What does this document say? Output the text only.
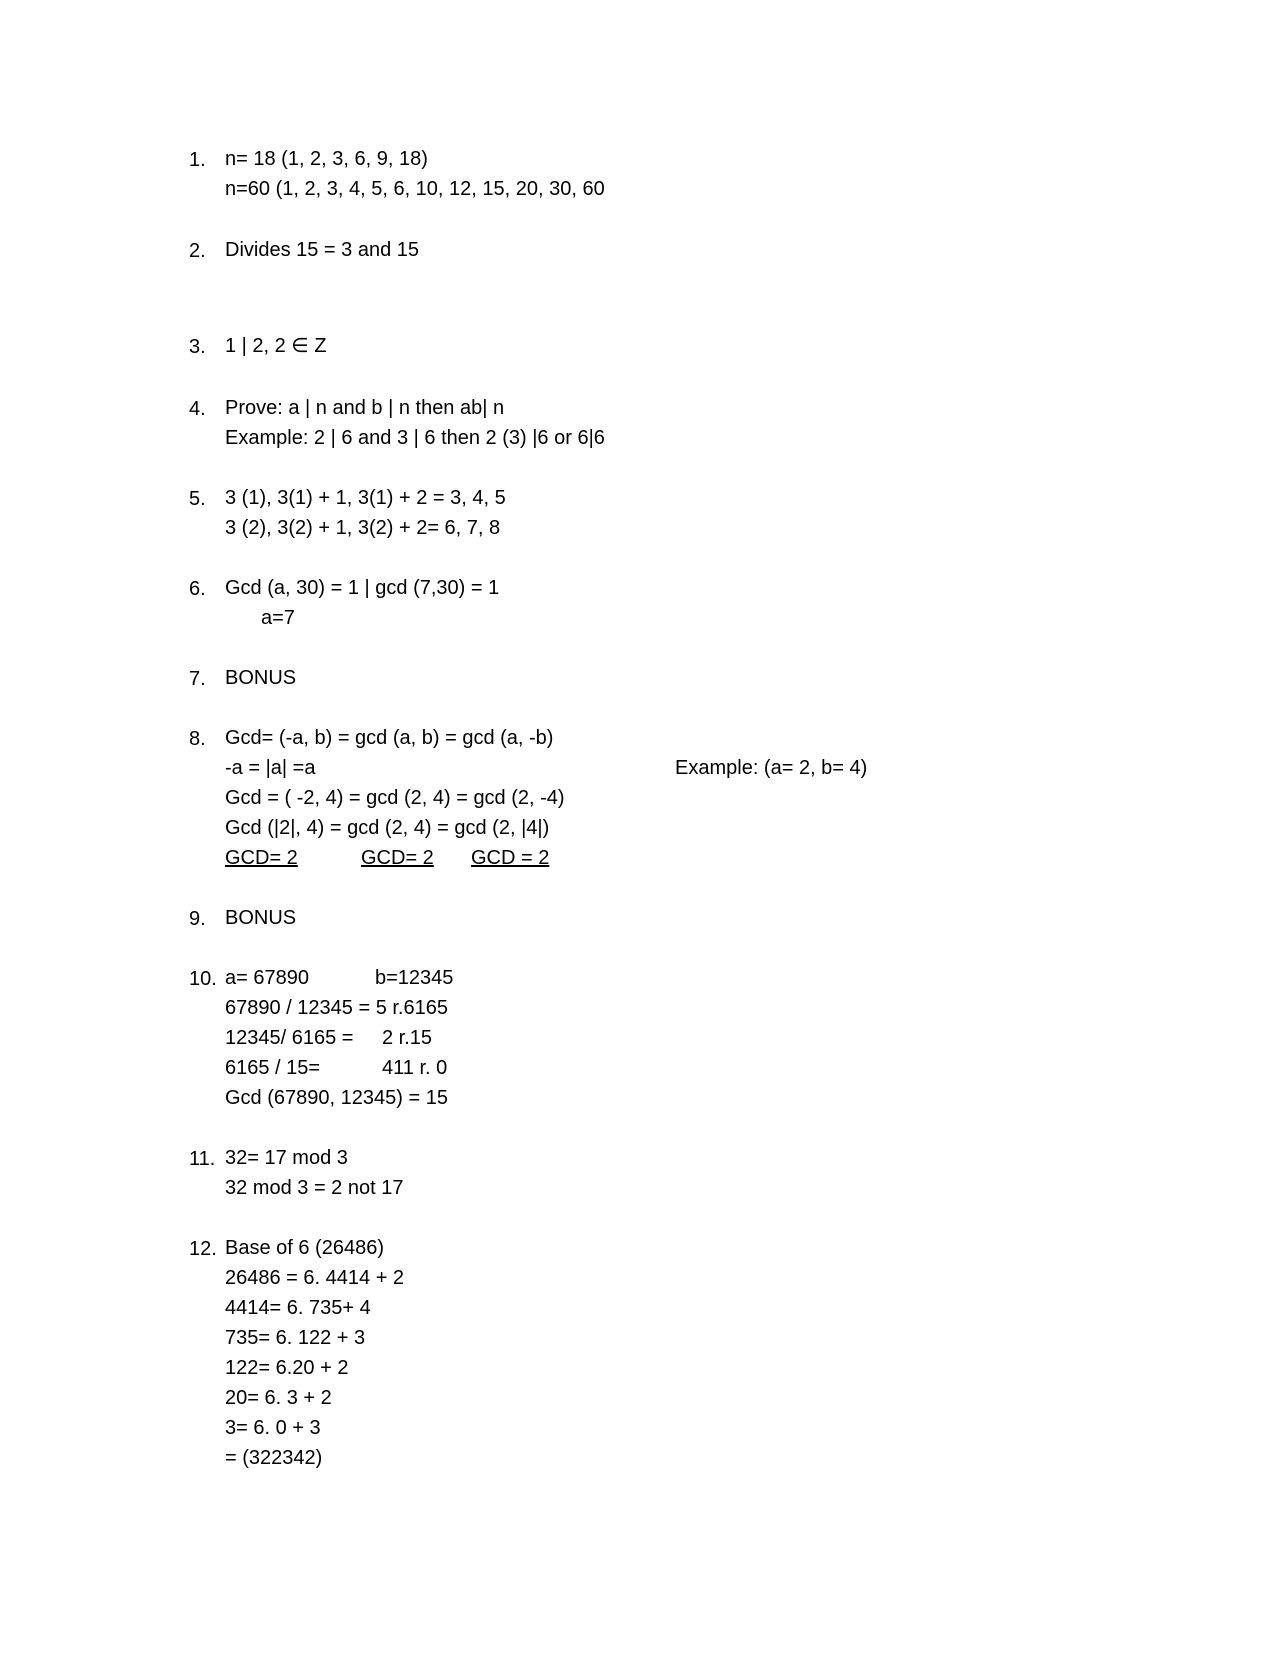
1. n= 18 (1, 2, 3, 6, 9, 18)
n=60 (1, 2, 3, 4, 5, 6, 10, 12, 15, 20, 30, 60
2. Divides 15 = 3 and 15
3. 1 | 2, 2 ∈ Z
4. Prove: a | n and b | n then ab| n
Example: 2 | 6 and 3 | 6 then 2 (3) |6 or 6|6
5. 3 (1), 3(1) + 1, 3(1) + 2 = 3, 4, 5
3 (2), 3(2) + 1, 3(2) + 2= 6, 7, 8
6. Gcd (a, 30) = 1 | gcd (7,30) = 1
a=7
7. BONUS
8. Gcd= (-a, b) = gcd (a, b) = gcd (a, -b)
-a = |a| =a
Gcd = ( -2, 4) = gcd (2, 4) = gcd (2, -4)
Gcd (|2|, 4) = gcd (2, 4) = gcd (2, |4|)
GCD= 2	GCD= 2 GCD = 2
Example: (a= 2, b= 4)
9. BONUS
10. a= 67890	b=12345
67890 / 12345 = 5 r.6165
12345/ 6165 = 2 r.15
6165 / 15=	411 r. 0
Gcd (67890, 12345) = 15
11. 32= 17 mod 3
32 mod 3 = 2 not 17
12. Base of 6 (26486)
26486 = 6. 4414 + 2
4414= 6. 735+ 4
735= 6. 122 + 3
122= 6.20 + 2
20= 6. 3 + 2
3= 6. 0 + 3
= (322342)
